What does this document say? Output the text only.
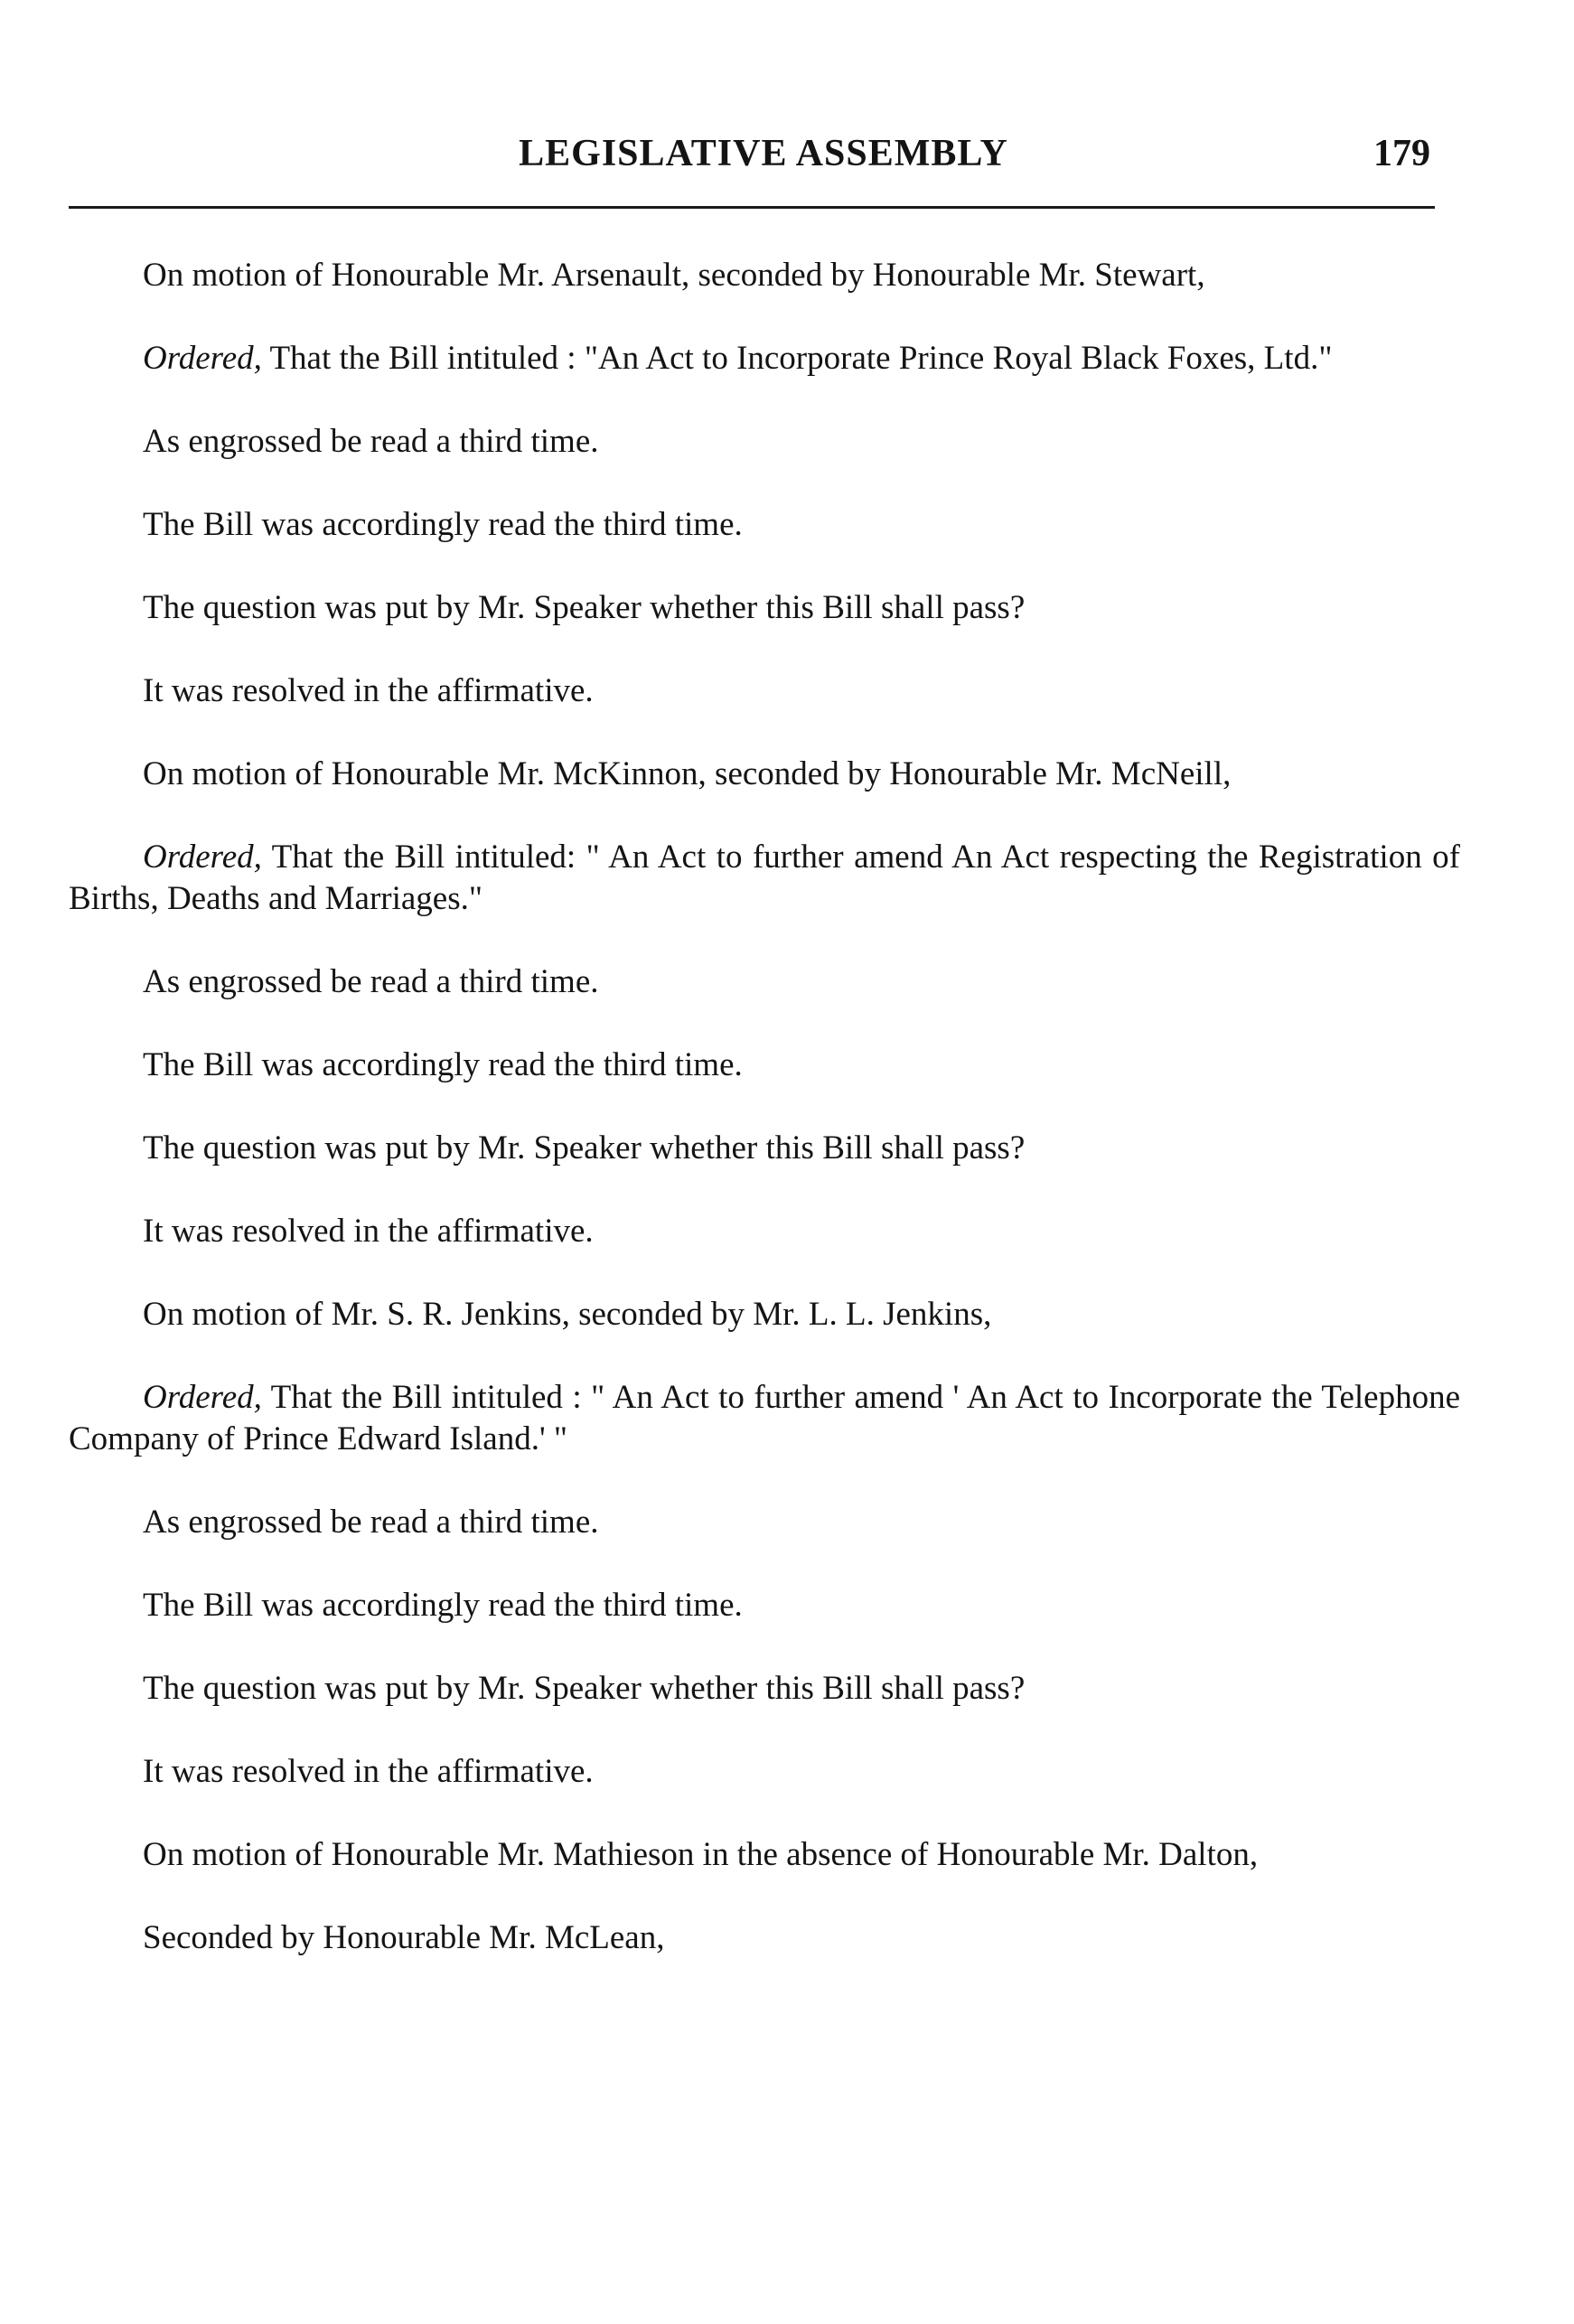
LEGISLATIVE ASSEMBLY	179

On motion of Honourable Mr. Arsenault, seconded by Honourable Mr. Stewart,

Ordered, That the Bill intituled : "An Act to Incorporate Prince Royal Black Foxes, Ltd."

As engrossed be read a third time.

The Bill was accordingly read the third time.

The question was put by Mr. Speaker whether this Bill shall pass?

It was resolved in the affirmative.

On motion of Honourable Mr. McKinnon, seconded by Honourable Mr. McNeill,

Ordered, That the Bill intituled: " An Act to further amend An Act respecting the Registration of Births, Deaths and Marriages."

As engrossed be read a third time.

The Bill was accordingly read the third time.

The question was put by Mr. Speaker whether this Bill shall pass?

It was resolved in the affirmative.

On motion of Mr. S. R. Jenkins, seconded by Mr. L. L. Jenkins,

Ordered, That the Bill intituled : " An Act to further amend ' An Act to Incorporate the Telephone Company of Prince Edward Island.' "

As engrossed be read a third time.

The Bill was accordingly read the third time.

The question was put by Mr. Speaker whether this Bill shall pass?

It was resolved in the affirmative.

On motion of Honourable Mr. Mathieson in the absence of Honourable Mr. Dalton,

Seconded by Honourable Mr. McLean,
